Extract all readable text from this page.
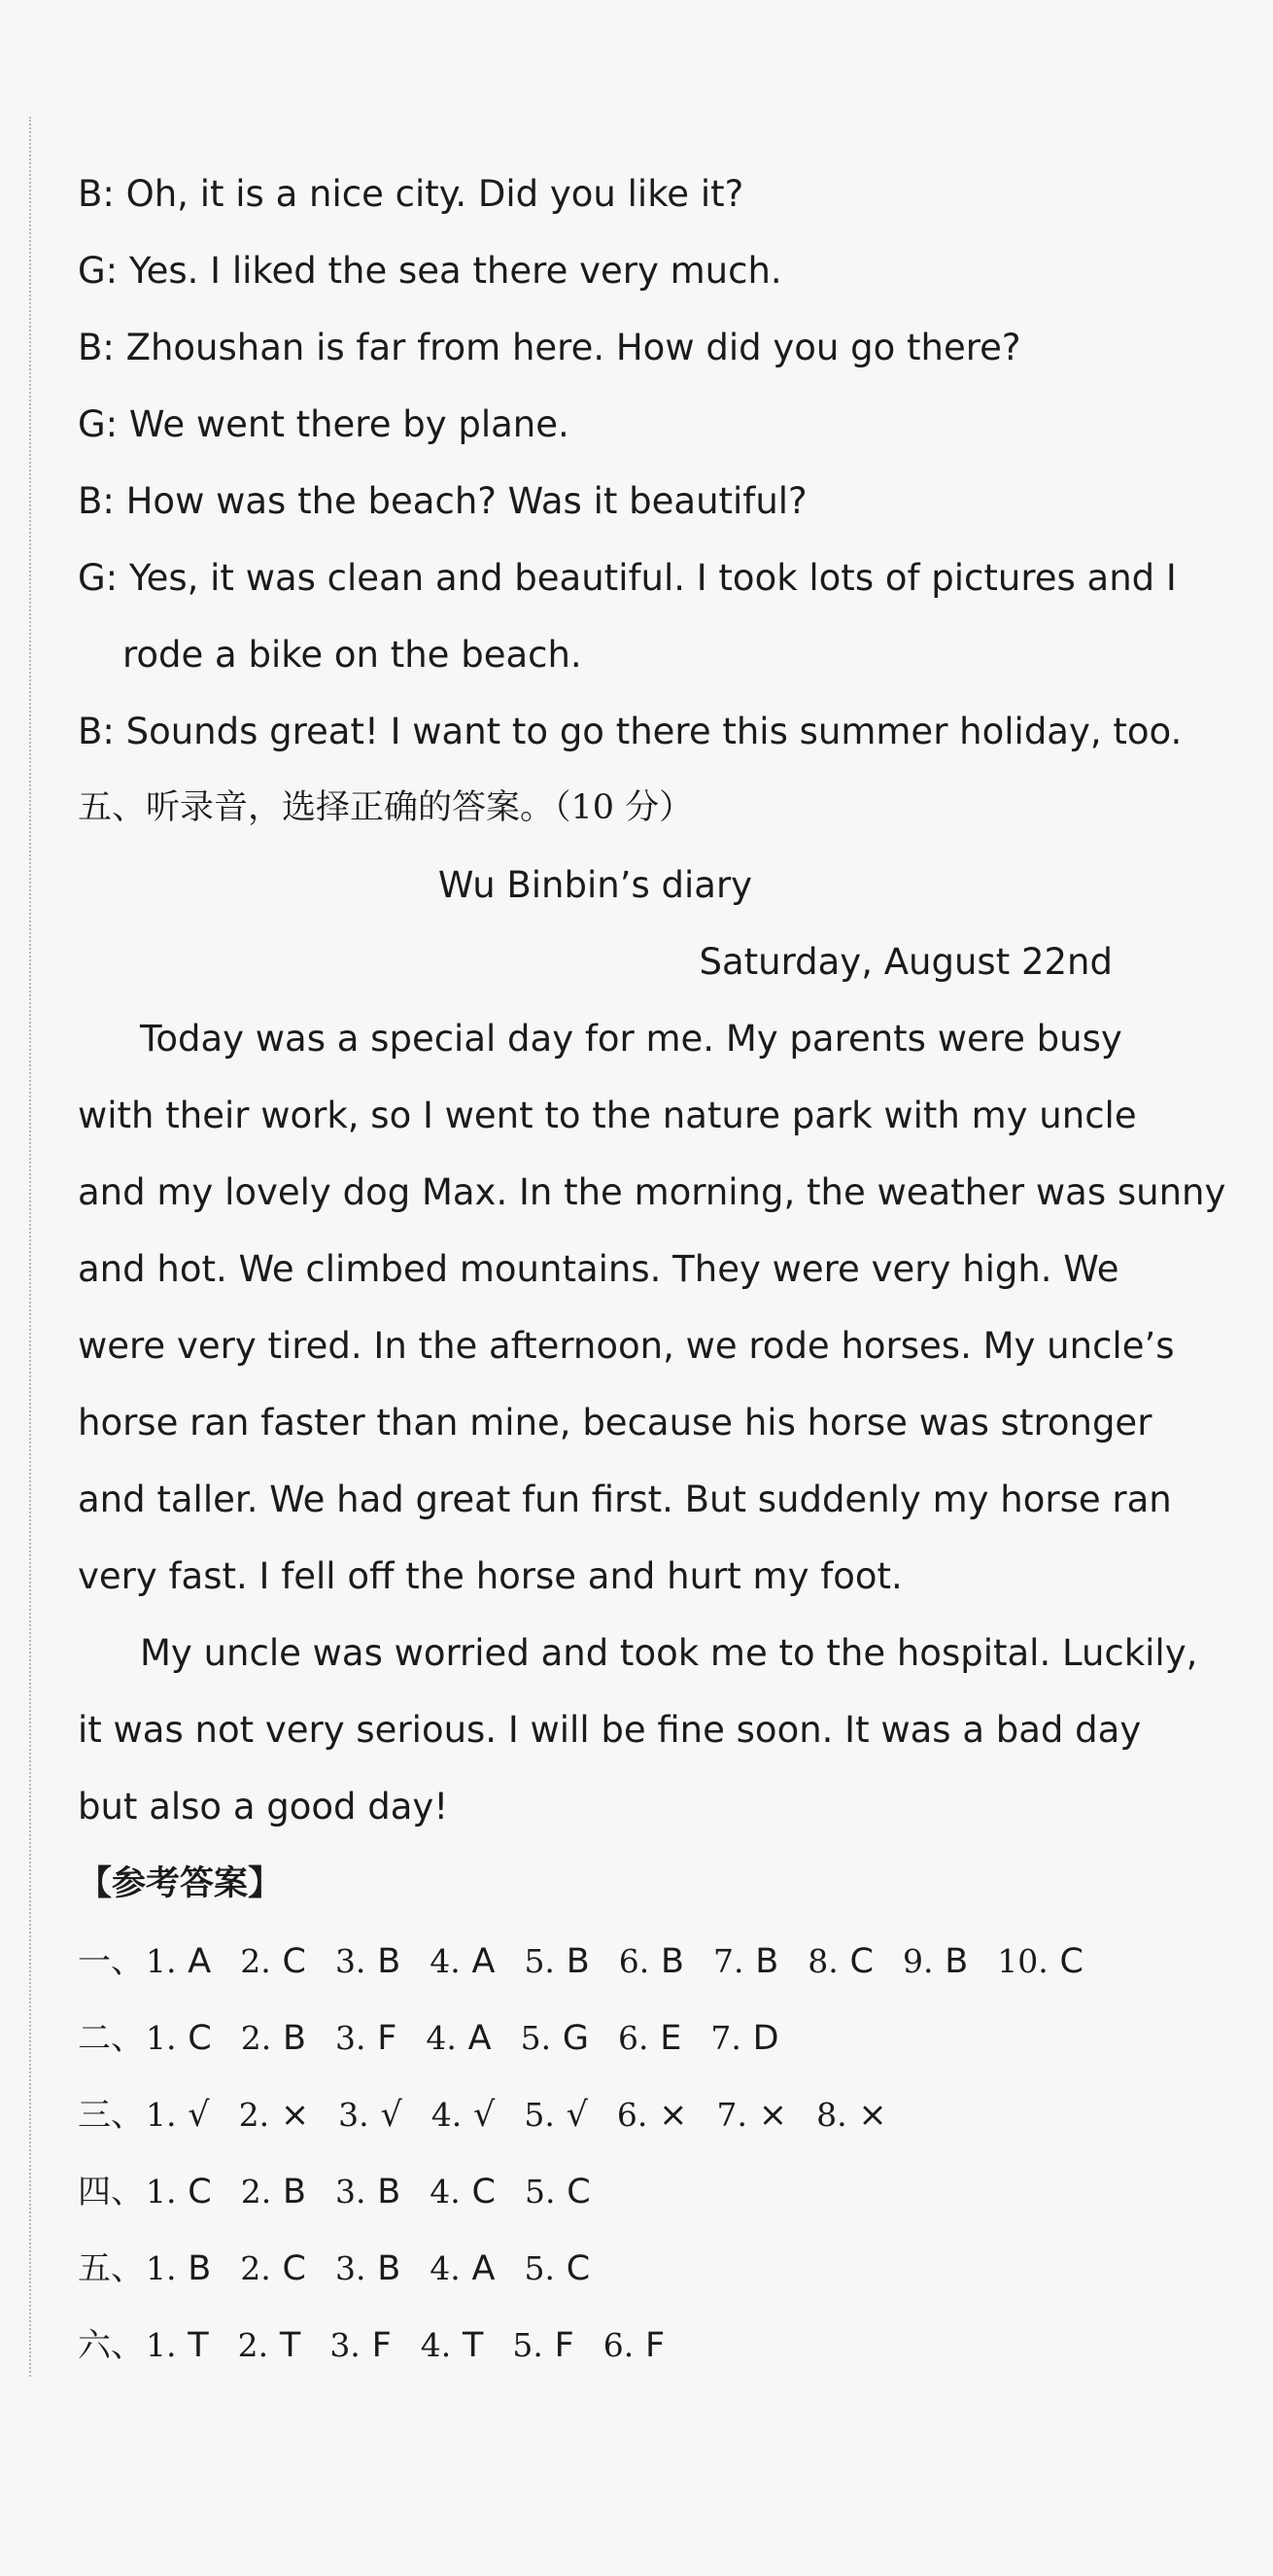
B: Oh, it is a nice city. Did you like it?
G: Yes. I liked the sea there very much.
B: Zhoushan is far from here. How did you go there?
G: We went there by plane.
B: How was the beach? Was it beautiful?
G: Yes, it was clean and beautiful. I took lots of pictures and I
rode a bike on the beach.
B: Sounds great! I want to go there this summer holiday, too.
五、听录音，选择正确的答案。（10 分）
Wu Binbin’s diary
Saturday, August 22nd
Today was a special day for me. My parents were busy
with their work, so I went to the nature park with my uncle
and my lovely dog Max. In the morning, the weather was sunny
and hot. We climbed mountains. They were very high. We
were very tired. In the afternoon, we rode horses. My uncle’s
horse ran faster than mine, because his horse was stronger
and taller. We had great fun first. But suddenly my horse ran
very fast. I fell off the horse and hurt my foot.
My uncle was worried and took me to the hospital. Luckily,
it was not very serious. I will be fine soon. It was a bad day
but also a good day!
【参考答案】
一、1. A 2. C 3. B 4. A 5. B 6. B 7. B 8. C 9. B 10. C
二、1. C 2. B 3. F 4. A 5. G 6. E 7. D
三、1. √ 2. × 3. √ 4. √ 5. √ 6. × 7. × 8. ×
四、1. C 2. B 3. B 4. C 5. C
五、1. B 2. C 3. B 4. A 5. C
六、1. T 2. T 3. F 4. T 5. F 6. F
